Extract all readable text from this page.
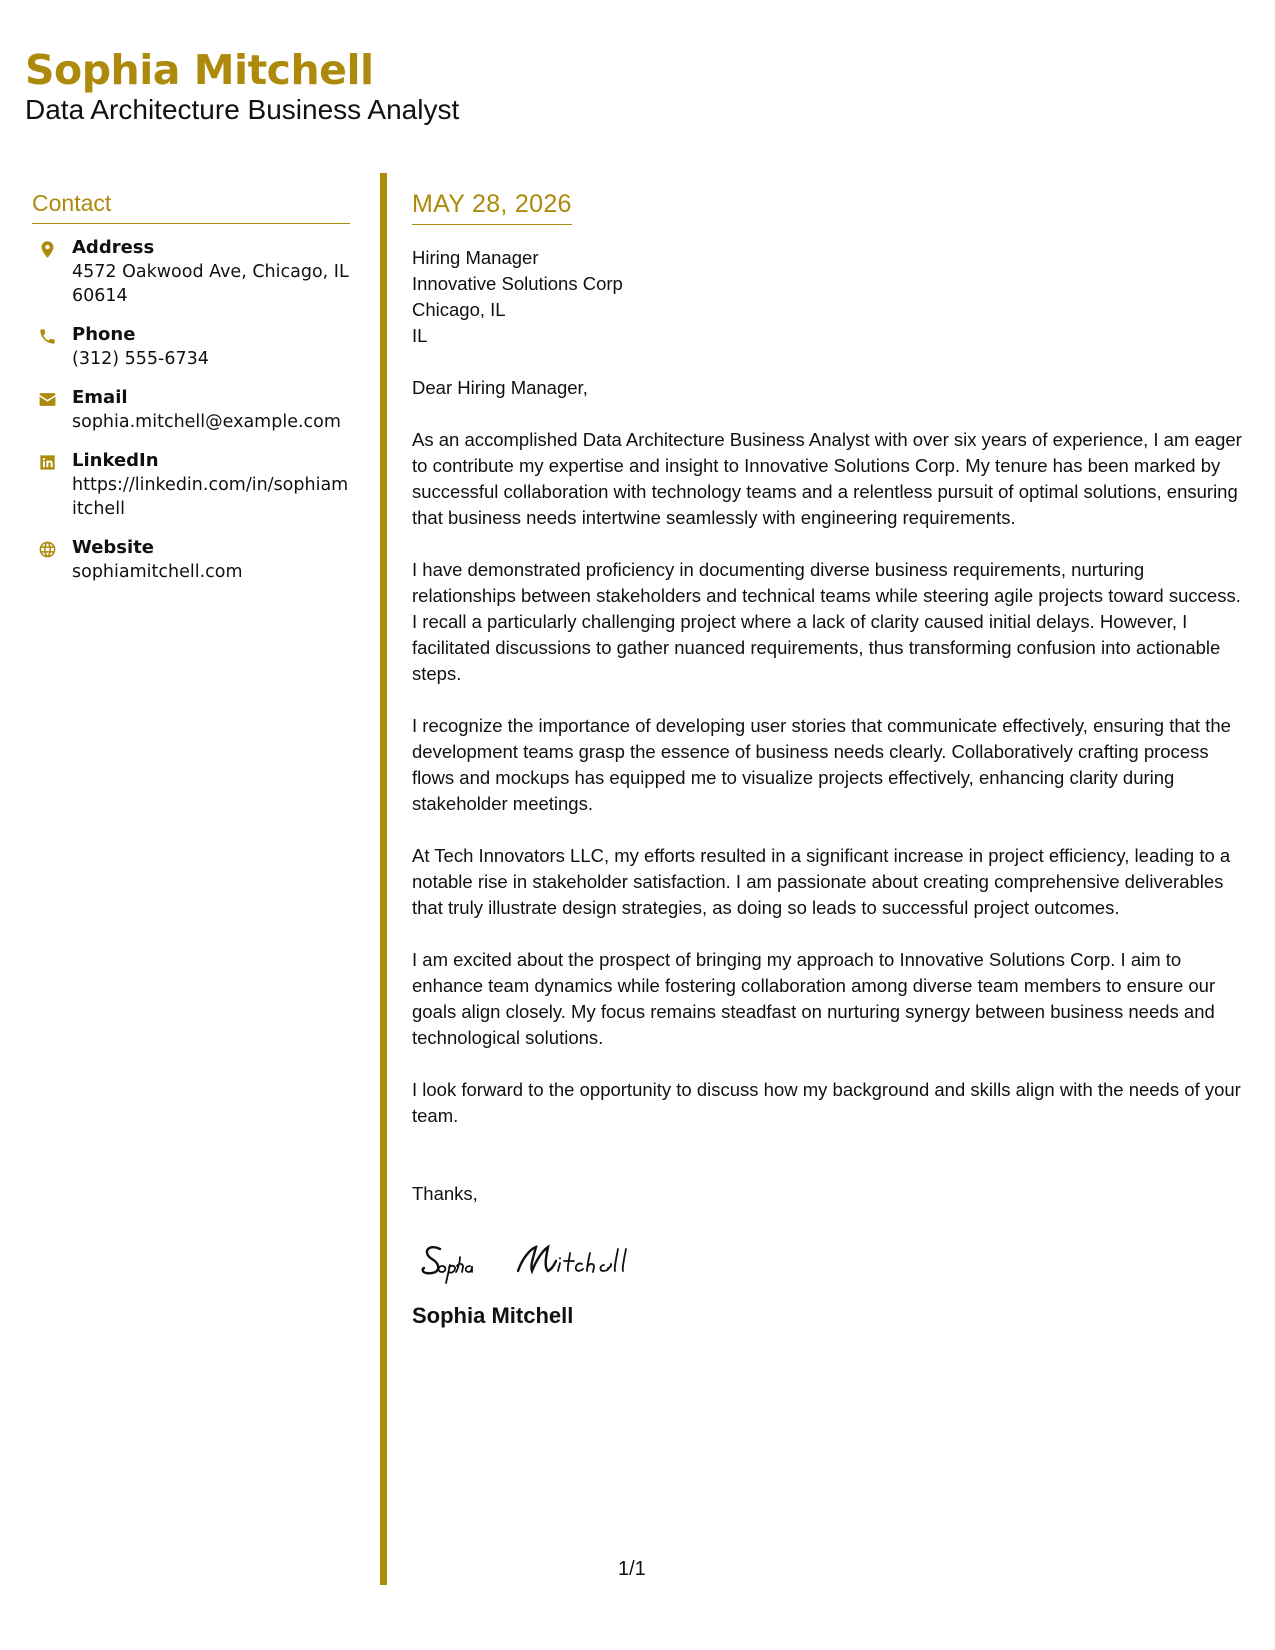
Sophia Mitchell
Data Architecture Business Analyst
Contact
Address
4572 Oakwood Ave, Chicago, IL 60614
Phone
(312) 555-6734
Email
sophia.mitchell@example.com
LinkedIn
https://linkedin.com/in/sophiamitchell
Website
sophiamitchell.com
MAY 28, 2026
Hiring Manager
Innovative Solutions Corp
Chicago, IL
IL
Dear Hiring Manager,
As an accomplished Data Architecture Business Analyst with over six years of experience, I am eager to contribute my expertise and insight to Innovative Solutions Corp. My tenure has been marked by successful collaboration with technology teams and a relentless pursuit of optimal solutions, ensuring that business needs intertwine seamlessly with engineering requirements.
I have demonstrated proficiency in documenting diverse business requirements, nurturing relationships between stakeholders and technical teams while steering agile projects toward success. I recall a particularly challenging project where a lack of clarity caused initial delays. However, I facilitated discussions to gather nuanced requirements, thus transforming confusion into actionable steps.
I recognize the importance of developing user stories that communicate effectively, ensuring that the development teams grasp the essence of business needs clearly. Collaboratively crafting process flows and mockups has equipped me to visualize projects effectively, enhancing clarity during stakeholder meetings.
At Tech Innovators LLC, my efforts resulted in a significant increase in project efficiency, leading to a notable rise in stakeholder satisfaction. I am passionate about creating comprehensive deliverables that truly illustrate design strategies, as doing so leads to successful project outcomes.
I am excited about the prospect of bringing my approach to Innovative Solutions Corp. I aim to enhance team dynamics while fostering collaboration among diverse team members to ensure our goals align closely. My focus remains steadfast on nurturing synergy between business needs and technological solutions.
I look forward to the opportunity to discuss how my background and skills align with the needs of your team.
Thanks,
Sophia Mitchell
1/1
